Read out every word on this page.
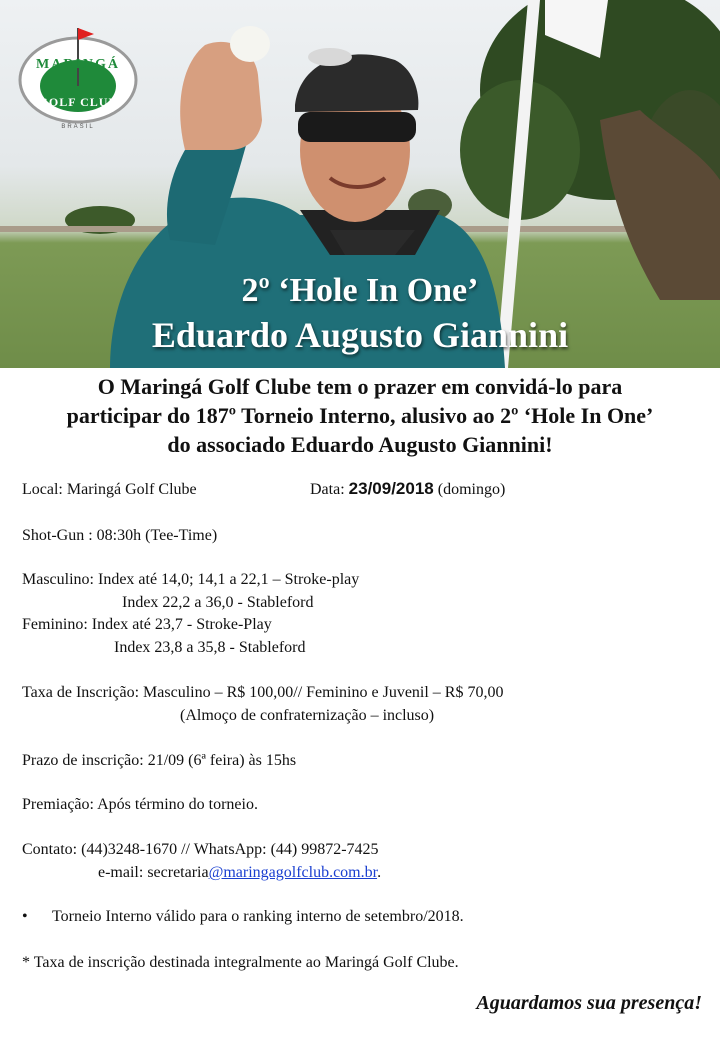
MARINGÁ
GOLF CLUB
BRASIL
2º ‘Hole In One’
Eduardo Augusto Giannini
O Maringá Golf Clube tem o prazer em convidá-lo para
participar do 187º Torneio Interno, alusivo ao 2º ‘Hole In One’
do associado Eduardo Augusto Giannini!
Local: Maringá Golf Clube	Data: 23/09/2018 (domingo)
Shot-Gun : 08:30h (Tee-Time)
Masculino: Index até 14,0; 14,1 a 22,1 – Stroke-play
Index 22,2 a 36,0 - Stableford
Feminino: Index até 23,7 - Stroke-Play
Index 23,8 a 35,8 - Stableford
Taxa de Inscrição: Masculino – R$ 100,00// Feminino e Juvenil – R$ 70,00
(Almoço de confraternização – incluso)
Prazo de inscrição: 21/09 (6ª feira) às 15hs
Premiação: Após término do torneio.
Contato: (44)3248-1670 // WhatsApp: (44) 99872-7425
e-mail: secretaria@maringagolfclub.com.br.
• Torneio Interno válido para o ranking interno de setembro/2018.
* Taxa de inscrição destinada integralmente ao Maringá Golf Clube.
Aguardamos sua presença!
